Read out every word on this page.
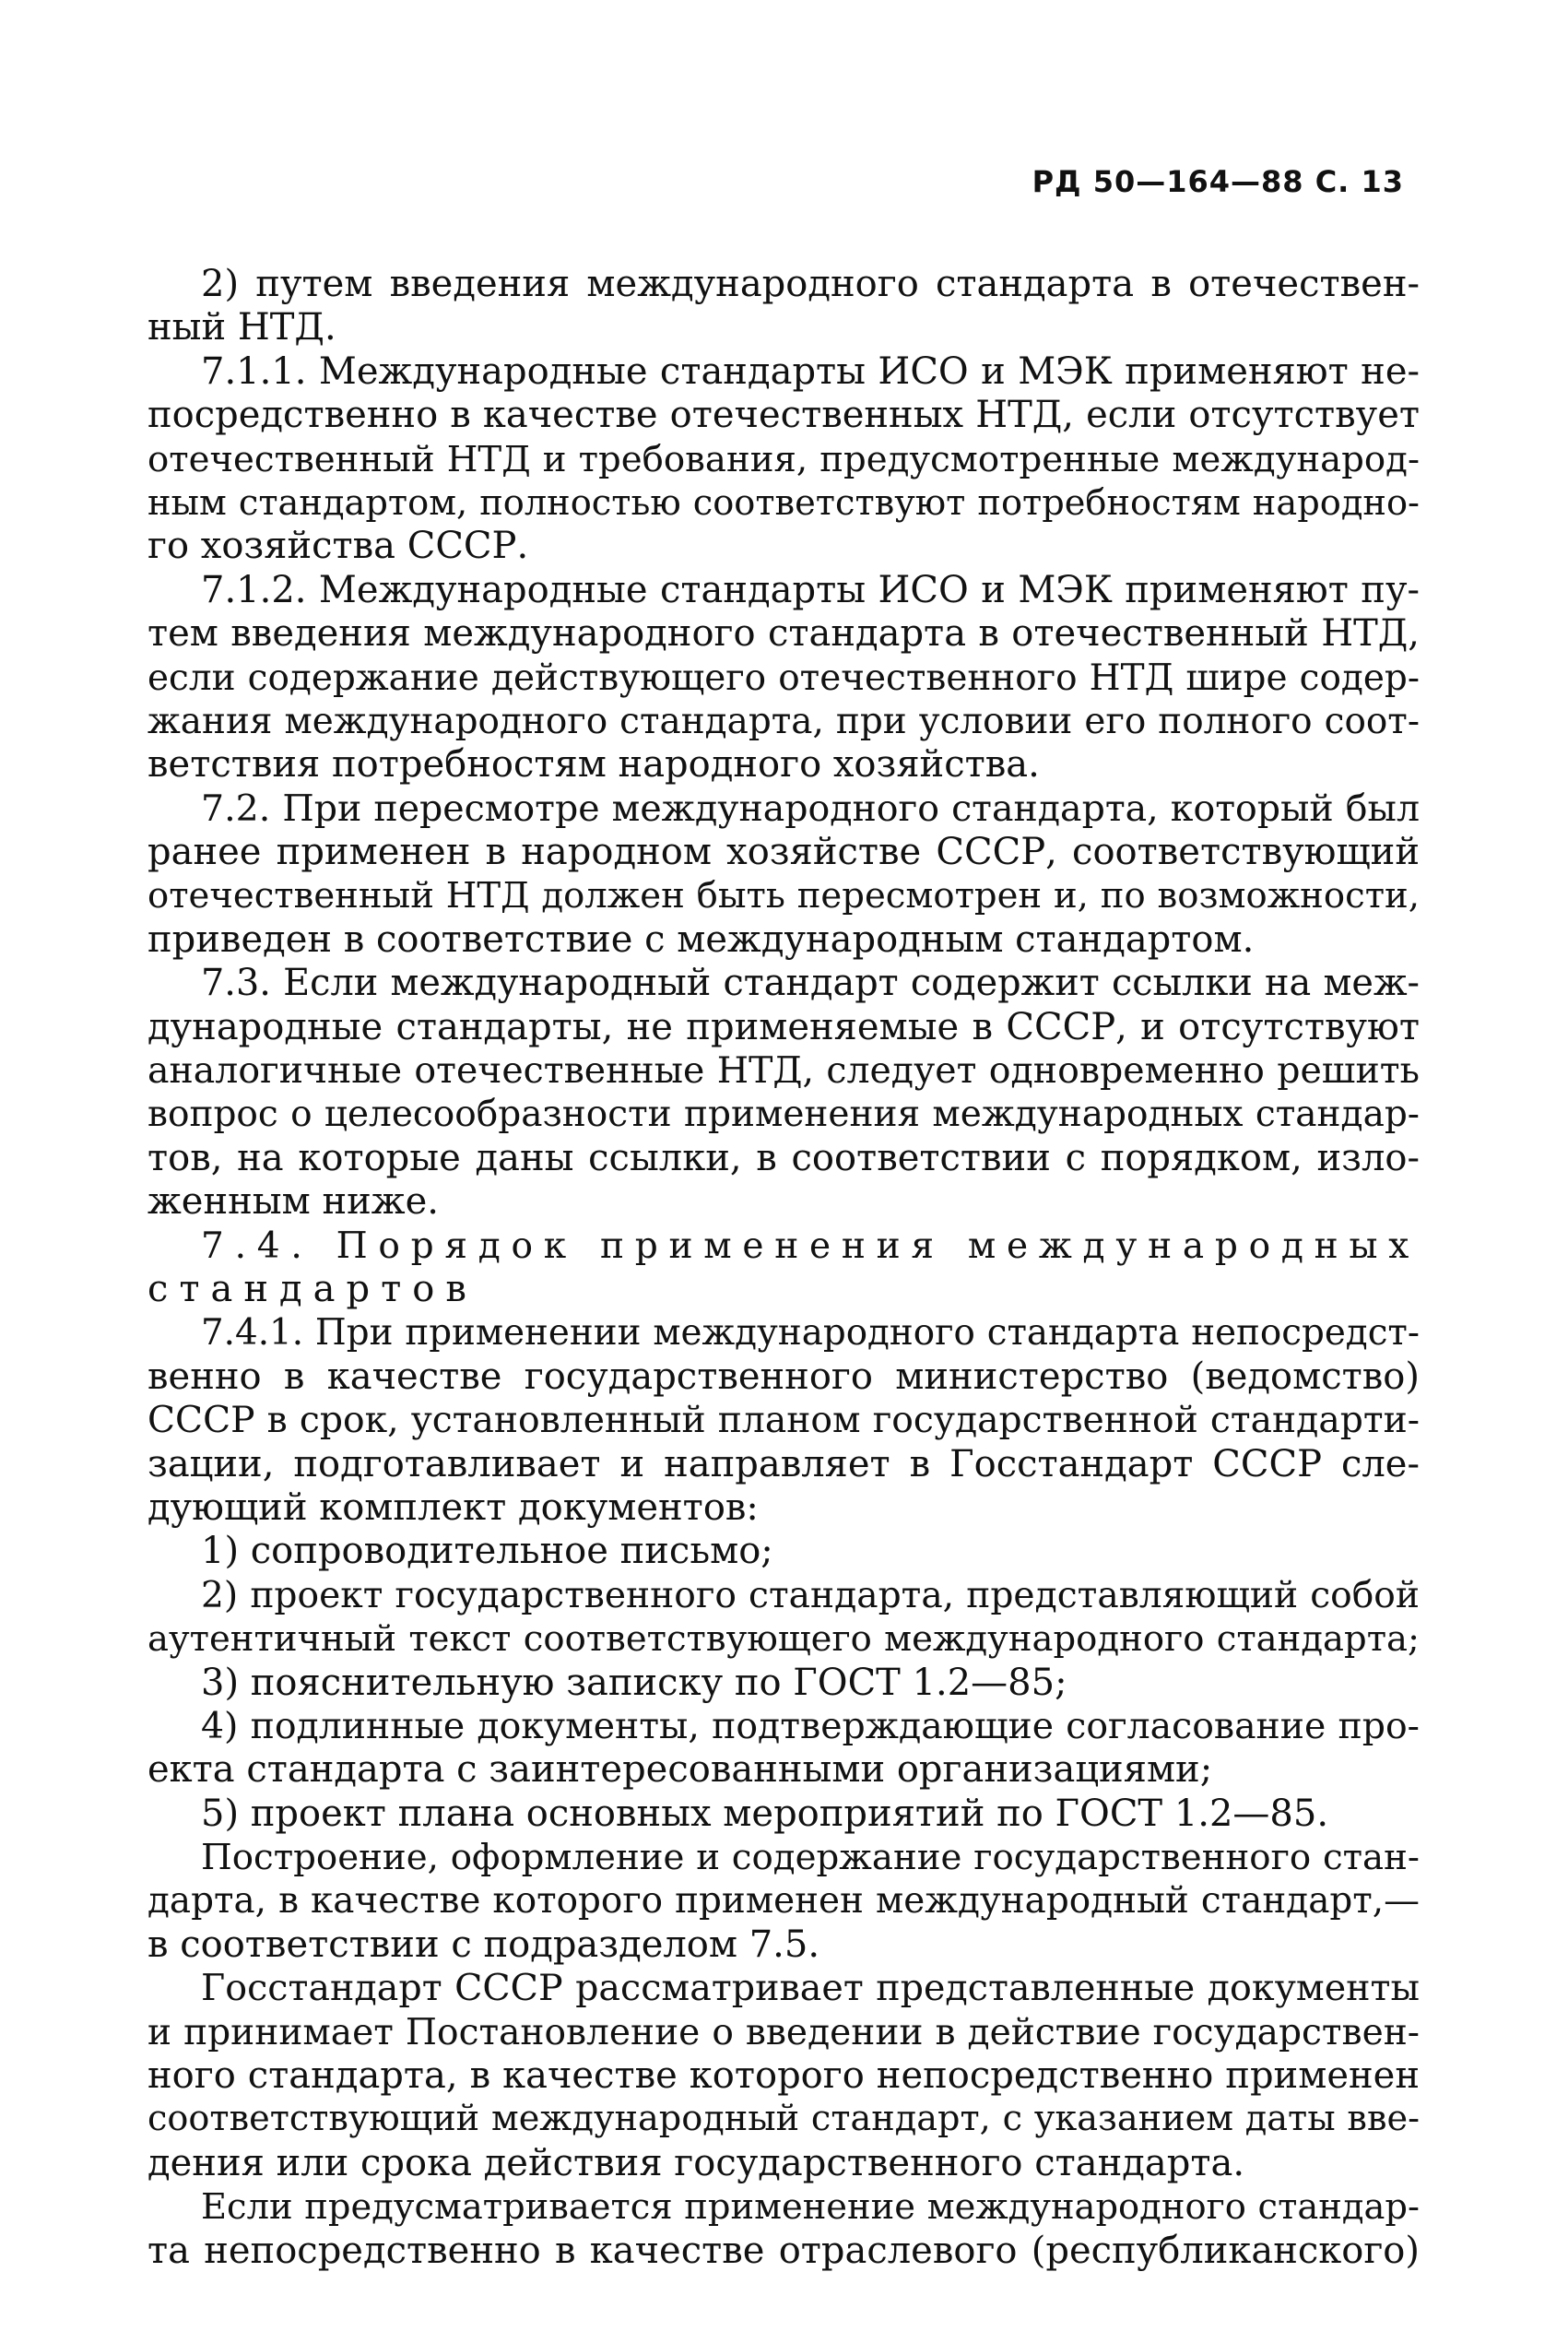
РД 50—164—88 С. 13
2) путем введения международного стандарта в отечествен-
ный НТД.
7.1.1. Международные стандарты ИСО и МЭК применяют не-
посредственно в качестве отечественных НТД, если отсутствует
отечественный НТД и требования, предусмотренные международ-
ным стандартом, полностью соответствуют потребностям народно-
го хозяйства СССР.
7.1.2. Международные стандарты ИСО и МЭК применяют пу-
тем введения международного стандарта в отечественный НТД,
если содержание действующего отечественного НТД шире содер-
жания международного стандарта, при условии его полного соот-
ветствия потребностям народного хозяйства.
7.2. При пересмотре международного стандарта, который был
ранее применен в народном хозяйстве СССР, соответствующий
отечественный НТД должен быть пересмотрен и, по возможности,
приведен в соответствие с международным стандартом.
7.3. Если международный стандарт содержит ссылки на меж-
дународные стандарты, не применяемые в СССР, и отсутствуют
аналогичные отечественные НТД, следует одновременно решить
вопрос о целесообразности применения международных стандар-
тов, на которые даны ссылки, в соответствии с порядком, изло-
женным ниже.
7.4. Порядок применения международных
стандартов
7.4.1. При применении международного стандарта непосредст-
венно в качестве государственного министерство (ведомство)
СССР в срок, установленный планом государственной стандарти-
зации, подготавливает и направляет в Госстандарт СССР сле-
дующий комплект документов:
1) сопроводительное письмо;
2) проект государственного стандарта, представляющий собой
аутентичный текст соответствующего международного стандарта;
3) пояснительную записку по ГОСТ 1.2—85;
4) подлинные документы, подтверждающие согласование про-
екта стандарта с заинтересованными организациями;
5) проект плана основных мероприятий по ГОСТ 1.2—85.
Построение, оформление и содержание государственного стан-
дарта, в качестве которого применен международный стандарт,—
в соответствии с подразделом 7.5.
Госстандарт СССР рассматривает представленные документы
и принимает Постановление о введении в действие государствен-
ного стандарта, в качестве которого непосредственно применен
соответствующий международный стандарт, с указанием даты вве-
дения или срока действия государственного стандарта.
Если предусматривается применение международного стандар-
та непосредственно в качестве отраслевого (республиканского)
